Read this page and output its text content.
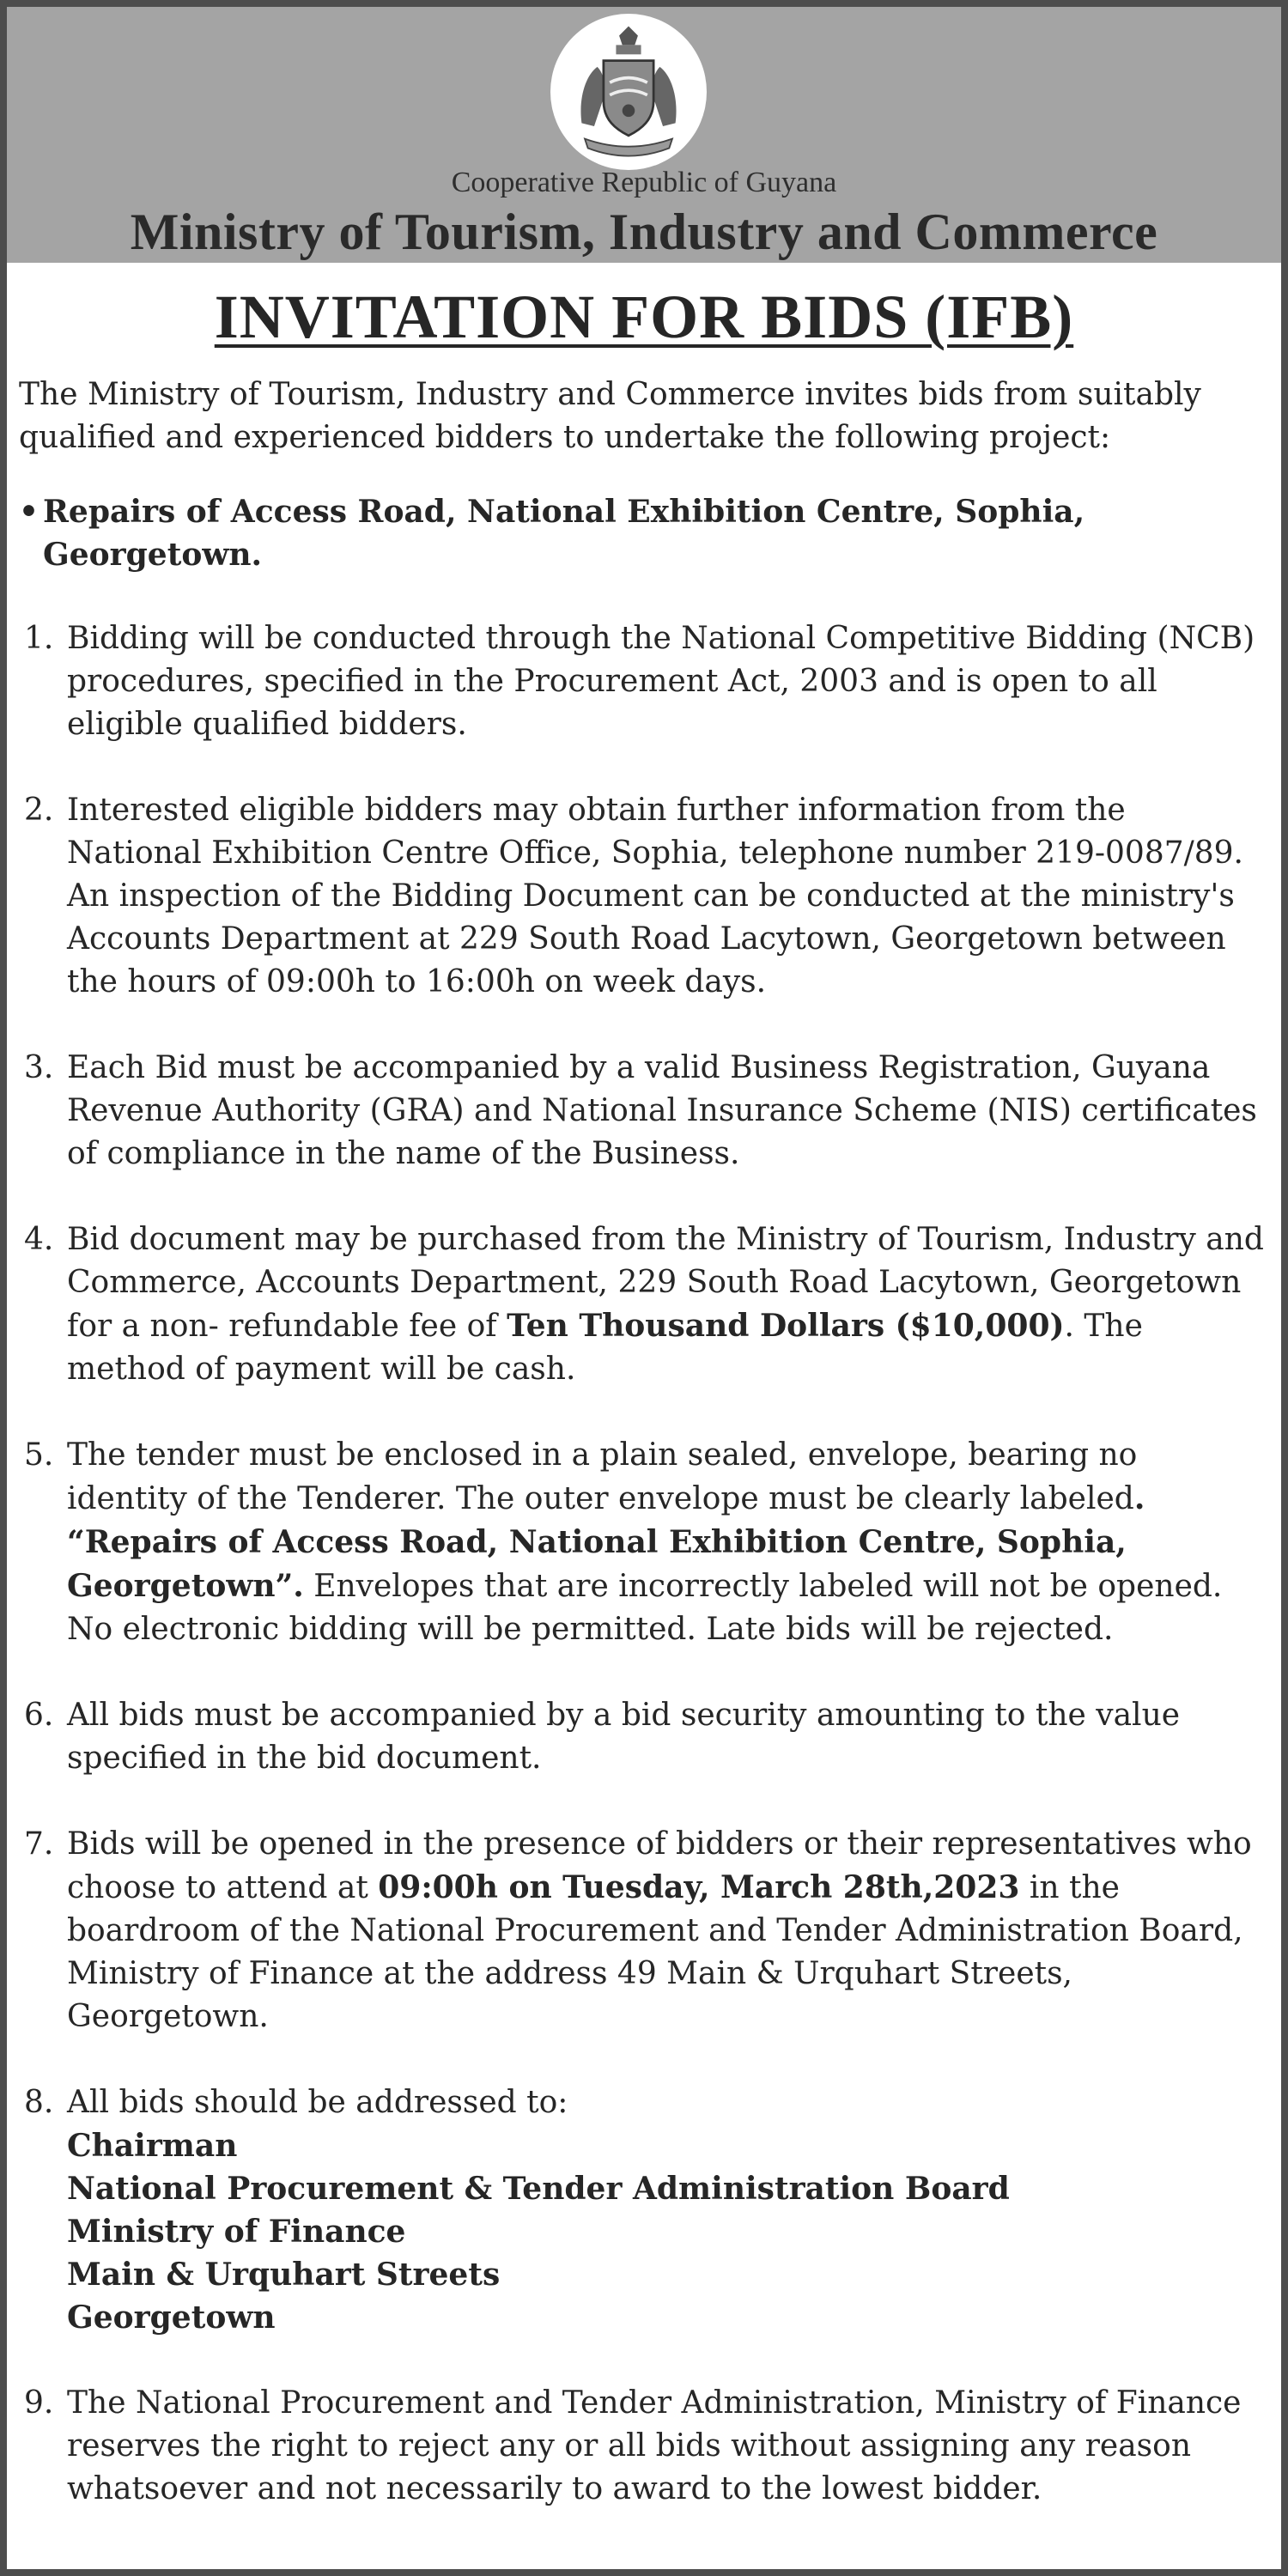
Cooperative Republic of Guyana
Ministry of Tourism, Industry and Commerce
INVITATION FOR BIDS (IFB)

The Ministry of Tourism, Industry and Commerce invites bids from suitably qualified and experienced bidders to undertake the following project:

• Repairs of Access Road, National Exhibition Centre, Sophia, Georgetown.
1. Bidding will be conducted through the National Competitive Bidding (NCB) procedures, specified in the Procurement Act, 2003 and is open to all eligible qualified bidders.
2. Interested eligible bidders may obtain further information from the National Exhibition Centre Office, Sophia, telephone number 219-0087/89. An inspection of the Bidding Document can be conducted at the ministry's Accounts Department at 229 South Road Lacytown, Georgetown between the hours of 09:00h to 16:00h on week days.
3. Each Bid must be accompanied by a valid Business Registration, Guyana Revenue Authority (GRA) and National Insurance Scheme (NIS) certificates of compliance in the name of the Business.
4. Bid document may be purchased from the Ministry of Tourism, Industry and Commerce, Accounts Department, 229 South Road Lacytown, Georgetown for a non- refundable fee of Ten Thousand Dollars ($10,000). The method of payment will be cash.
5. The tender must be enclosed in a plain sealed, envelope, bearing no identity of the Tenderer. The outer envelope must be clearly labeled. “Repairs of Access Road, National Exhibition Centre, Sophia, Georgetown”. Envelopes that are incorrectly labeled will not be opened. No electronic bidding will be permitted. Late bids will be rejected.
6. All bids must be accompanied by a bid security amounting to the value specified in the bid document.
7. Bids will be opened in the presence of bidders or their representatives who choose to attend at 09:00h on Tuesday, March 28th,2023 in the boardroom of the National Procurement and Tender Administration Board, Ministry of Finance at the address 49 Main & Urquhart Streets, Georgetown.
8. All bids should be addressed to:
Chairman
National Procurement & Tender Administration Board
Ministry of Finance
Main & Urquhart Streets
Georgetown
9. The National Procurement and Tender Administration, Ministry of Finance reserves the right to reject any or all bids without assigning any reason whatsoever and not necessarily to award to the lowest bidder.
